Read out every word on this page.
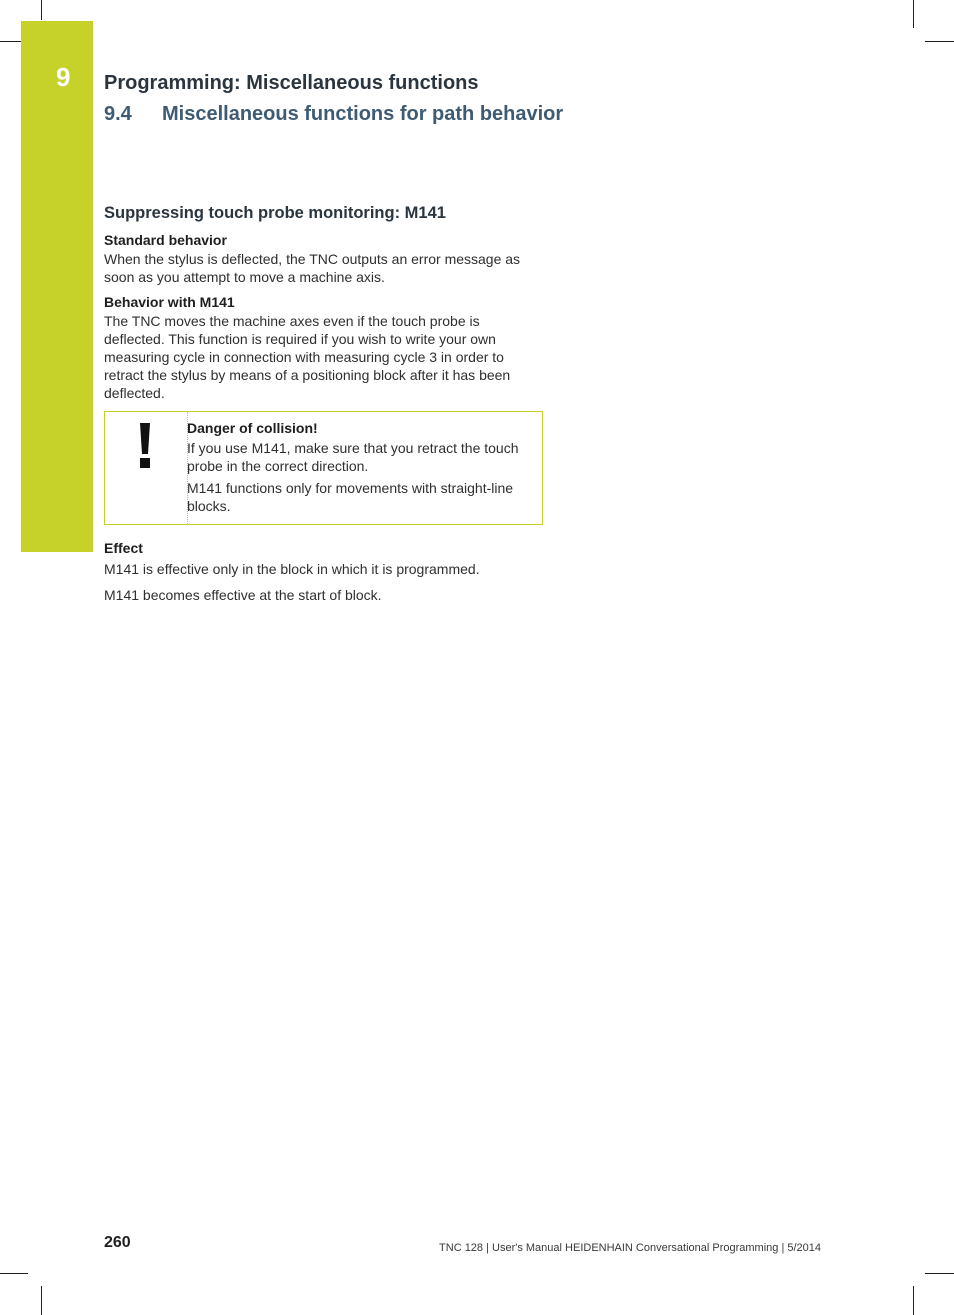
9 Programming: Miscellaneous functions
9.4 Miscellaneous functions for path behavior
Suppressing touch probe monitoring: M141
Standard behavior

When the stylus is deflected, the TNC outputs an error message as soon as you attempt to move a machine axis.

Behavior with M141

The TNC moves the machine axes even if the touch probe is deflected. This function is required if you wish to write your own measuring cycle in connection with measuring cycle 3 in order to retract the stylus by means of a positioning block after it has been deflected.

Danger of collision!

If you use M141, make sure that you retract the touch probe in the correct direction.

M141 functions only for movements with straight-line blocks.

Effect

M141 is effective only in the block in which it is programmed.

M141 becomes effective at the start of block.

260	TNC 128 | User's Manual HEIDENHAIN Conversational Programming | 5/2014
